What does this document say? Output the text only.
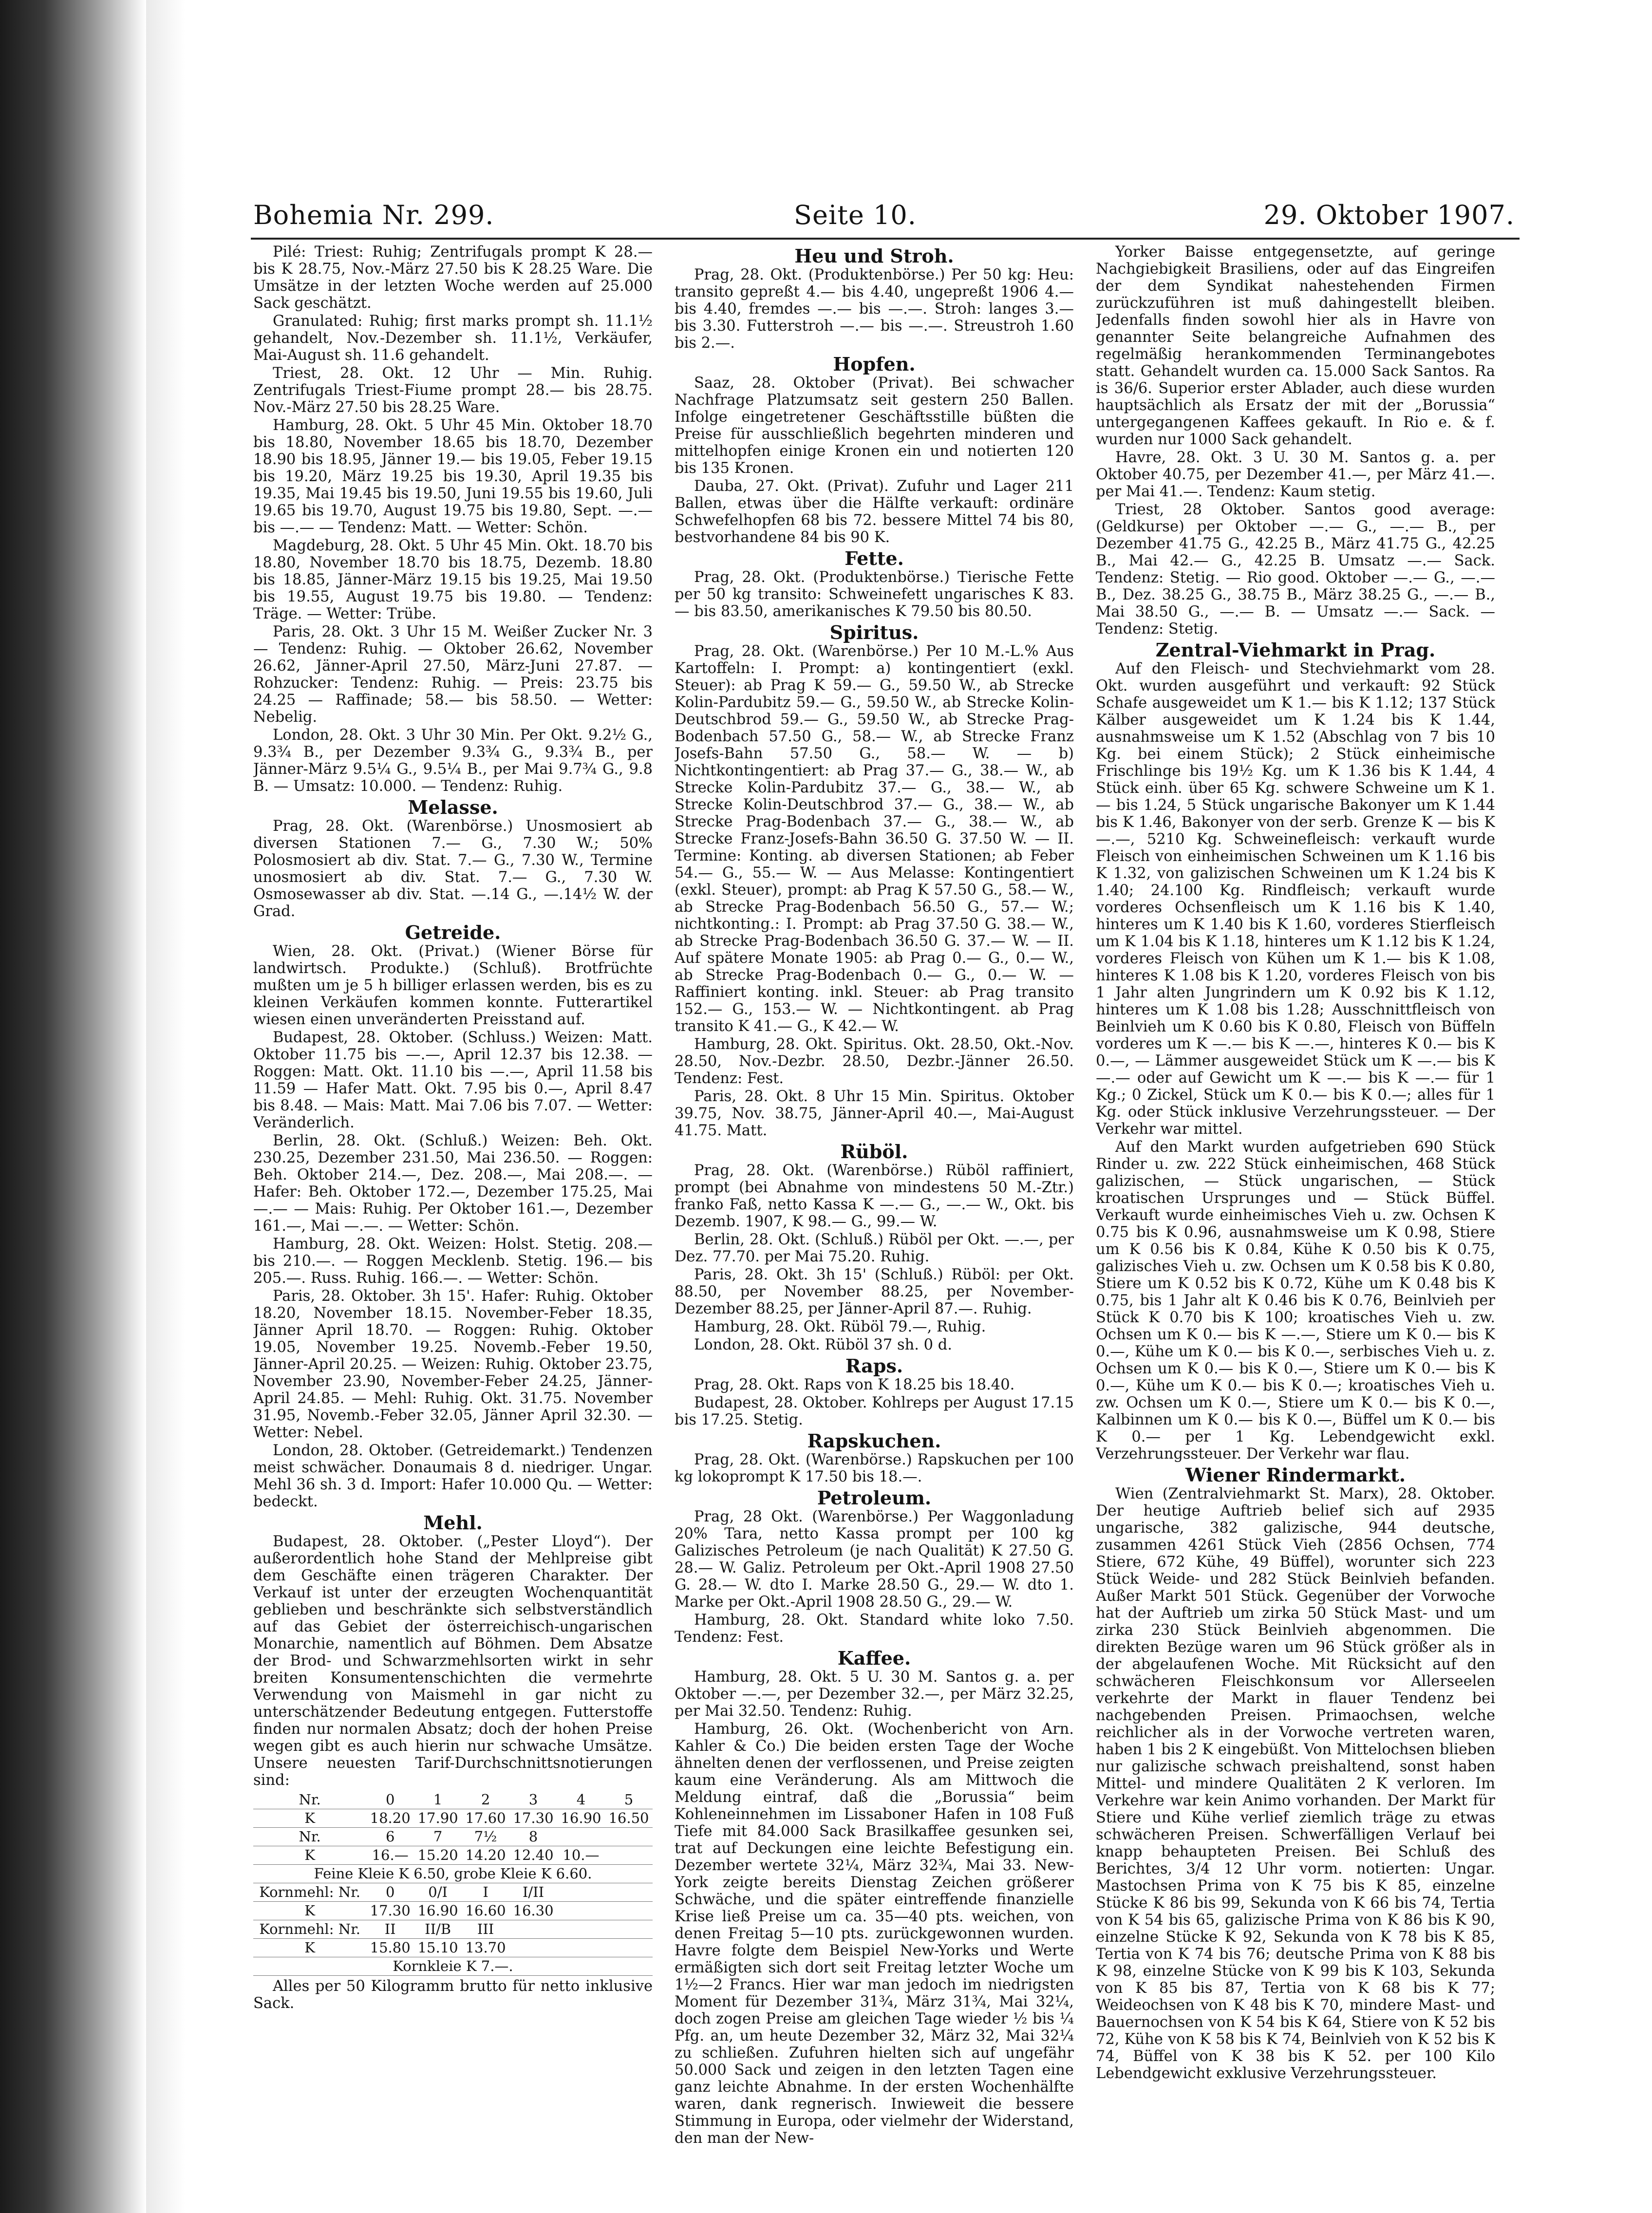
Bohemia Nr. 299.	Seite 10.	29. Oktober 1907.

Pilé: Triest: Ruhig; Zentrifugals prompt K 28.— bis K 28.75, Nov.-März 27.50 bis K 28.25 Ware. Die Umsätze in der letzten Woche werden auf 25.000 Sack geschätzt.

Granulated: Ruhig; first marks prompt sh. 11.1½ gehandelt, Nov.-Dezember sh. 11.1½, Verkäufer, Mai-August sh. 11.6 gehandelt.

Triest, 28. Okt. 12 Uhr — Min. Ruhig. Zentrifugals Triest-Fiume prompt 28.— bis 28.75. Nov.-März 27.50 bis 28.25 Ware.

Hamburg, 28. Okt. 5 Uhr 45 Min. Oktober 18.70 bis 18.80, November 18.65 bis 18.70, Dezember 18.90 bis 18.95, Jänner 19.— bis 19.05, Feber 19.15 bis 19.20, März 19.25 bis 19.30, April 19.35 bis 19.35, Mai 19.45 bis 19.50, Juni 19.55 bis 19.60, Juli 19.65 bis 19.70, August 19.75 bis 19.80, Sept. —.— bis —.— — Tendenz: Matt. — Wetter: Schön.

Magdeburg, 28. Okt. 5 Uhr 45 Min. Okt. 18.70 bis 18.80, November 18.70 bis 18.75, Dezemb. 18.80 bis 18.85, Jänner-März 19.15 bis 19.25, Mai 19.50 bis 19.55, August 19.75 bis 19.80. — Tendenz: Träge. — Wetter: Trübe.

Paris, 28. Okt. 3 Uhr 15 M. Weißer Zucker Nr. 3 — Tendenz: Ruhig. — Oktober 26.62, November 26.62, Jänner-April 27.50, März-Juni 27.87. — Rohzucker: Tendenz: Ruhig. — Preis: 23.75 bis 24.25 — Raffinade; 58.— bis 58.50. — Wetter: Nebelig.

London, 28. Okt. 3 Uhr 30 Min. Per Okt. 9.2½ G., 9.3¾ B., per Dezember 9.3¾ G., 9.3¾ B., per Jänner-März 9.5¼ G., 9.5¼ B., per Mai 9.7¾ G., 9.8 B. — Umsatz: 10.000. — Tendenz: Ruhig.

Melasse.

Prag, 28. Okt. (Warenbörse.) Unosmosiert ab diversen Stationen 7.— G., 7.30 W.; 50% Polosmosiert ab div. Stat. 7.— G., 7.30 W., Termine unosmosiert ab div. Stat. 7.— G., 7.30 W. Osmosewasser ab div. Stat. —.14 G., —.14½ W. der Grad.

Getreide.

Wien, 28. Okt. (Privat.) (Wiener Börse für landwirtsch. Produkte.) (Schluß). Brotfrüchte mußten um je 5 h billiger erlassen werden, bis es zu kleinen Verkäufen kommen konnte. Futterartikel wiesen einen unveränderten Preisstand auf.

Budapest, 28. Oktober. (Schluss.) Weizen: Matt. Oktober 11.75 bis —.—, April 12.37 bis 12.38. — Roggen: Matt. Okt. 11.10 bis —.—, April 11.58 bis 11.59 — Hafer Matt. Okt. 7.95 bis 0.—, April 8.47 bis 8.48. — Mais: Matt. Mai 7.06 bis 7.07. — Wetter: Veränderlich.

Berlin, 28. Okt. (Schluß.) Weizen: Beh. Okt. 230.25, Dezember 231.50, Mai 236.50. — Roggen: Beh. Oktober 214.—, Dez. 208.—, Mai 208.—. — Hafer: Beh. Oktober 172.—, Dezember 175.25, Mai —.— — Mais: Ruhig. Per Oktober 161.—, Dezember 161.—, Mai —.—. — Wetter: Schön.

Hamburg, 28. Okt. Weizen: Holst. Stetig. 208.— bis 210.—. — Roggen Mecklenb. Stetig. 196.— bis 205.—. Russ. Ruhig. 166.—. — Wetter: Schön.

Paris, 28. Oktober. 3h 15'. Hafer: Ruhig. Oktober 18.20, November 18.15. November-Feber 18.35, Jänner April 18.70. — Roggen: Ruhig. Oktober 19.05, November 19.25. Novemb.-Feber 19.50, Jänner-April 20.25. — Weizen: Ruhig. Oktober 23.75, November 23.90, November-Feber 24.25, Jänner-April 24.85. — Mehl: Ruhig. Okt. 31.75. November 31.95, Novemb.-Feber 32.05, Jänner April 32.30. — Wetter: Nebel.

London, 28. Oktober. (Getreidemarkt.) Tendenzen meist schwächer. Donaumais 8 d. niedriger. Ungar. Mehl 36 sh. 3 d. Import: Hafer 10.000 Qu. — Wetter: bedeckt.

Mehl.

Budapest, 28. Oktober. („Pester Lloyd“). Der außerordentlich hohe Stand der Mehlpreise gibt dem Geschäfte einen trägeren Charakter. Der Verkauf ist unter der erzeugten Wochenquantität geblieben und beschränkte sich selbstverständlich auf das Gebiet der österreichisch-ungarischen Monarchie, namentlich auf Böhmen. Dem Absatze der Brod- und Schwarzmehlsorten wirkt in sehr breiten Konsumentenschichten die vermehrte Verwendung von Maismehl in gar nicht zu unterschätzender Bedeutung entgegen. Futterstoffe finden nur normalen Absatz; doch der hohen Preise wegen gibt es auch hierin nur schwache Umsätze. Unsere neuesten Tarif-Durchschnittsnotierungen sind:

Nr.	0	1	2	3	4	5
K	18.20	17.90	17.60	17.30	16.90	16.50
Nr.	6	7	7½	8		
K	16.—	15.20	14.20	12.40	10.—	
Feine Kleie K 6.50, grobe Kleie K 6.60.						
Kornmehl: Nr.	0	0/I	I	I/II		
K	17.30	16.90	16.60	16.30		
Kornmehl: Nr.	II	II/B	III			
K	15.80	15.10	13.70			
Kornkleie K 7.—.						

Alles per 50 Kilogramm brutto für netto inklusive Sack.

Heu und Stroh.

Prag, 28. Okt. (Produktenbörse.) Per 50 kg: Heu: transito gepreßt 4.— bis 4.40, ungepreßt 1906 4.— bis 4.40, fremdes —.— bis —.—. Stroh: langes 3.— bis 3.30. Futterstroh —.— bis —.—. Streustroh 1.60 bis 2.—.

Hopfen.

Saaz, 28. Oktober (Privat). Bei schwacher Nachfrage Platzumsatz seit gestern 250 Ballen. Infolge eingetretener Geschäftsstille büßten die Preise für ausschließlich begehrten minderen und mittelhopfen einige Kronen ein und notierten 120 bis 135 Kronen.

Dauba, 27. Okt. (Privat). Zufuhr und Lager 211 Ballen, etwas über die Hälfte verkauft: ordinäre Schwefelhopfen 68 bis 72. bessere Mittel 74 bis 80, bestvorhandene 84 bis 90 K.

Fette.

Prag, 28. Okt. (Produktenbörse.) Tierische Fette per 50 kg transito: Schweinefett ungarisches K 83.— bis 83.50, amerikanisches K 79.50 bis 80.50.

Spiritus.

Prag, 28. Okt. (Warenbörse.) Per 10 M.-L.% Aus Kartoffeln: I. Prompt: a) kontingentiert (exkl. Steuer): ab Prag K 59.— G., 59.50 W., ab Strecke Kolin-Pardubitz 59.— G., 59.50 W., ab Strecke Kolin-Deutschbrod 59.— G., 59.50 W., ab Strecke Prag-Bodenbach 57.50 G., 58.— W., ab Strecke Franz Josefs-Bahn 57.50 G., 58.— W. — b) Nichtkontingentiert: ab Prag 37.— G., 38.— W., ab Strecke Kolin-Pardubitz 37.— G., 38.— W., ab Strecke Kolin-Deutschbrod 37.— G., 38.— W., ab Strecke Prag-Bodenbach 37.— G., 38.— W., ab Strecke Franz-Josefs-Bahn 36.50 G. 37.50 W. — II. Termine: Konting. ab diversen Stationen; ab Feber 54.— G., 55.— W. — Aus Melasse: Kontingentiert (exkl. Steuer), prompt: ab Prag K 57.50 G., 58.— W., ab Strecke Prag-Bodenbach 56.50 G., 57.— W.; nichtkonting.: I. Prompt: ab Prag 37.50 G. 38.— W., ab Strecke Prag-Bodenbach 36.50 G. 37.— W. — II. Auf spätere Monate 1905: ab Prag 0.— G., 0.— W., ab Strecke Prag-Bodenbach 0.— G., 0.— W. — Raffiniert konting. inkl. Steuer: ab Prag transito 152.— G., 153.— W. — Nichtkontingent. ab Prag transito K 41.— G., K 42.— W.

Hamburg, 28. Okt. Spiritus. Okt. 28.50, Okt.-Nov. 28.50, Nov.-Dezbr. 28.50, Dezbr.-Jänner 26.50. Tendenz: Fest.

Paris, 28. Okt. 8 Uhr 15 Min. Spiritus. Oktober 39.75, Nov. 38.75, Jänner-April 40.—, Mai-August 41.75. Matt.

Rüböl.

Prag, 28. Okt. (Warenbörse.) Rüböl raffiniert, prompt (bei Abnahme von mindestens 50 M.-Ztr.) franko Faß, netto Kassa K —.— G., —.— W., Okt. bis Dezemb. 1907, K 98.— G., 99.— W.

Berlin, 28. Okt. (Schluß.) Rüböl per Okt. —.—, per Dez. 77.70. per Mai 75.20. Ruhig.

Paris, 28. Okt. 3h 15' (Schluß.) Rüböl: per Okt. 88.50, per November 88.25, per November-Dezember 88.25, per Jänner-April 87.—. Ruhig.

Hamburg, 28. Okt. Rüböl 79.—, Ruhig.

London, 28. Okt. Rüböl 37 sh. 0 d.

Raps.

Prag, 28. Okt. Raps von K 18.25 bis 18.40.

Budapest, 28. Oktober. Kohlreps per August 17.15 bis 17.25. Stetig.

Rapskuchen.

Prag, 28. Okt. (Warenbörse.) Rapskuchen per 100 kg lokoprompt K 17.50 bis 18.—.

Petroleum.

Prag, 28 Okt. (Warenbörse.) Per Waggonladung 20% Tara, netto Kassa prompt per 100 kg Galizisches Petroleum (je nach Qualität) K 27.50 G. 28.— W. Galiz. Petroleum per Okt.-April 1908 27.50 G. 28.— W. dto I. Marke 28.50 G., 29.— W. dto 1. Marke per Okt.-April 1908 28.50 G., 29.— W.

Hamburg, 28. Okt. Standard white loko 7.50. Tendenz: Fest.

Kaffee.

Hamburg, 28. Okt. 5 U. 30 M. Santos g. a. per Oktober —.—, per Dezember 32.—, per März 32.25, per Mai 32.50. Tendenz: Ruhig.

Hamburg, 26. Okt. (Wochenbericht von Arn. Kahler & Co.) Die beiden ersten Tage der Woche ähnelten denen der verflossenen, und Preise zeigten kaum eine Veränderung. Als am Mittwoch die Meldung eintraf, daß die „Borussia“ beim Kohleneinnehmen im Lissaboner Hafen in 108 Fuß Tiefe mit 84.000 Sack Brasilkaffee gesunken sei, trat auf Deckungen eine leichte Befestigung ein. Dezember wertete 32¼, März 32¾, Mai 33. New-York zeigte bereits Dienstag Zeichen größerer Schwäche, und die später eintreffende finanzielle Krise ließ Preise um ca. 35—40 pts. weichen, von denen Freitag 5—10 pts. zurückgewonnen wurden. Havre folgte dem Beispiel New-Yorks und Werte ermäßigten sich dort seit Freitag letzter Woche um 1½—2 Francs. Hier war man jedoch im niedrigsten Moment für Dezember 31¾, März 31¾, Mai 32¼, doch zogen Preise am gleichen Tage wieder ½ bis ¼ Pfg. an, um heute Dezember 32, März 32, Mai 32¼ zu schließen. Zufuhren hielten sich auf ungefähr 50.000 Sack und zeigen in den letzten Tagen eine ganz leichte Abnahme. In der ersten Wochenhälfte waren, dank regnerisch. Inwieweit die bessere Stimmung in Europa, oder vielmehr der Widerstand, den man der New-

Yorker Baisse entgegensetzte, auf geringe Nachgiebigkeit Brasiliens, oder auf das Eingreifen der dem Syndikat nahestehenden Firmen zurückzuführen ist muß dahingestellt bleiben. Jedenfalls finden sowohl hier als in Havre von genannter Seite belangreiche Aufnahmen des regelmäßig herankommenden Terminangebotes statt. Gehandelt wurden ca. 15.000 Sack Santos. Ra is 36/6. Superior erster Ablader, auch diese wurden hauptsächlich als Ersatz der mit der „Borussia“ untergegangenen Kaffees gekauft. In Rio e. & f. wurden nur 1000 Sack gehandelt.

Havre, 28. Okt. 3 U. 30 M. Santos g. a. per Oktober 40.75, per Dezember 41.—, per März 41.—. per Mai 41.—. Tendenz: Kaum stetig.

Triest, 28 Oktober. Santos good average: (Geldkurse) per Oktober —.— G., —.— B., per Dezember 41.75 G., 42.25 B., März 41.75 G., 42.25 B., Mai 42.— G., 42.25 B. Umsatz —.— Sack. Tendenz: Stetig. — Rio good. Oktober —.— G., —.— B., Dez. 38.25 G., 38.75 B., März 38.25 G., —.— B., Mai 38.50 G., —.— B. — Umsatz —.— Sack. — Tendenz: Stetig.

Zentral-Viehmarkt in Prag.

Auf den Fleisch- und Stechviehmarkt vom 28. Okt. wurden ausgeführt und verkauft: 92 Stück Schafe ausgeweidet um K 1.— bis K 1.12; 137 Stück Kälber ausgeweidet um K 1.24 bis K 1.44, ausnahmsweise um K 1.52 (Abschlag von 7 bis 10 Kg. bei einem Stück); 2 Stück einheimische Frischlinge bis 19½ Kg. um K 1.36 bis K 1.44, 4 Stück einh. über 65 Kg. schwere Schweine um K 1.— bis 1.24, 5 Stück ungarische Bakonyer um K 1.44 bis K 1.46, Bakonyer von der serb. Grenze K — bis K —.—, 5210 Kg. Schweinefleisch: verkauft wurde Fleisch von einheimischen Schweinen um K 1.16 bis K 1.32, von galizischen Schweinen um K 1.24 bis K 1.40; 24.100 Kg. Rindfleisch; verkauft wurde vorderes Ochsenfleisch um K 1.16 bis K 1.40, hinteres um K 1.40 bis K 1.60, vorderes Stierfleisch um K 1.04 bis K 1.18, hinteres um K 1.12 bis K 1.24, vorderes Fleisch von Kühen um K 1.— bis K 1.08, hinteres K 1.08 bis K 1.20, vorderes Fleisch von bis 1 Jahr alten Jungrindern um K 0.92 bis K 1.12, hinteres um K 1.08 bis 1.28; Ausschnittfleisch von Beinlvieh um K 0.60 bis K 0.80, Fleisch von Büffeln vorderes um K —.— bis K —.—, hinteres K 0.— bis K 0.—, — Lämmer ausgeweidet Stück um K —.— bis K —.— oder auf Gewicht um K —.— bis K —.— für 1 Kg.; 0 Zickel, Stück um K 0.— bis K 0.—; alles für 1 Kg. oder Stück inklusive Verzehrungssteuer. — Der Verkehr war mittel.

Auf den Markt wurden aufgetrieben 690 Stück Rinder u. zw. 222 Stück einheimischen, 468 Stück galizischen, — Stück ungarischen, — Stück kroatischen Ursprunges und — Stück Büffel. Verkauft wurde einheimisches Vieh u. zw. Ochsen K 0.75 bis K 0.96, ausnahmsweise um K 0.98, Stiere um K 0.56 bis K 0.84, Kühe K 0.50 bis K 0.75, galizisches Vieh u. zw. Ochsen um K 0.58 bis K 0.80, Stiere um K 0.52 bis K 0.72, Kühe um K 0.48 bis K 0.75, bis 1 Jahr alt K 0.46 bis K 0.76, Beinlvieh per Stück K 0.70 bis K 100; kroatisches Vieh u. zw. Ochsen um K 0.— bis K —.—, Stiere um K 0.— bis K 0.—, Kühe um K 0.— bis K 0.—, serbisches Vieh u. z. Ochsen um K 0.— bis K 0.—, Stiere um K 0.— bis K 0.—, Kühe um K 0.— bis K 0.—; kroatisches Vieh u. zw. Ochsen um K 0.—, Stiere um K 0.— bis K 0.—, Kalbinnen um K 0.— bis K 0.—, Büffel um K 0.— bis K 0.— per 1 Kg. Lebendgewicht exkl. Verzehrungssteuer. Der Verkehr war flau.

Wiener Rindermarkt.

Wien (Zentralviehmarkt St. Marx), 28. Oktober. Der heutige Auftrieb belief sich auf 2935 ungarische, 382 galizische, 944 deutsche, zusammen 4261 Stück Vieh (2856 Ochsen, 774 Stiere, 672 Kühe, 49 Büffel), worunter sich 223 Stück Weide- und 282 Stück Beinlvieh befanden. Außer Markt 501 Stück. Gegenüber der Vorwoche hat der Auftrieb um zirka 50 Stück Mast- und um zirka 230 Stück Beinlvieh abgenommen. Die direkten Bezüge waren um 96 Stück größer als in der abgelaufenen Woche. Mit Rücksicht auf den schwächeren Fleischkonsum vor Allerseelen verkehrte der Markt in flauer Tendenz bei nachgebenden Preisen. Primaochsen, welche reichlicher als in der Vorwoche vertreten waren, haben 1 bis 2 K eingebüßt. Von Mittelochsen blieben nur galizische schwach preishaltend, sonst haben Mittel- und mindere Qualitäten 2 K verloren. Im Verkehre war kein Animo vorhanden. Der Markt für Stiere und Kühe verlief ziemlich träge zu etwas schwächeren Preisen. Schwerfälligen Verlauf bei knapp behaupteten Preisen. Bei Schluß des Berichtes, 3/4 12 Uhr vorm. notierten: Ungar. Mastochsen Prima von K 75 bis K 85, einzelne Stücke K 86 bis 99, Sekunda von K 66 bis 74, Tertia von K 54 bis 65, galizische Prima von K 86 bis K 90, einzelne Stücke K 92, Sekunda von K 78 bis K 85, Tertia von K 74 bis 76; deutsche Prima von K 88 bis K 98, einzelne Stücke von K 99 bis K 103, Sekunda von K 85 bis 87, Tertia von K 68 bis K 77; Weideochsen von K 48 bis K 70, mindere Mast- und Bauernochsen von K 54 bis K 64, Stiere von K 52 bis 72, Kühe von K 58 bis K 74, Beinlvieh von K 52 bis K 74, Büffel von K 38 bis K 52. per 100 Kilo Lebendgewicht exklusive Verzehrungssteuer.
